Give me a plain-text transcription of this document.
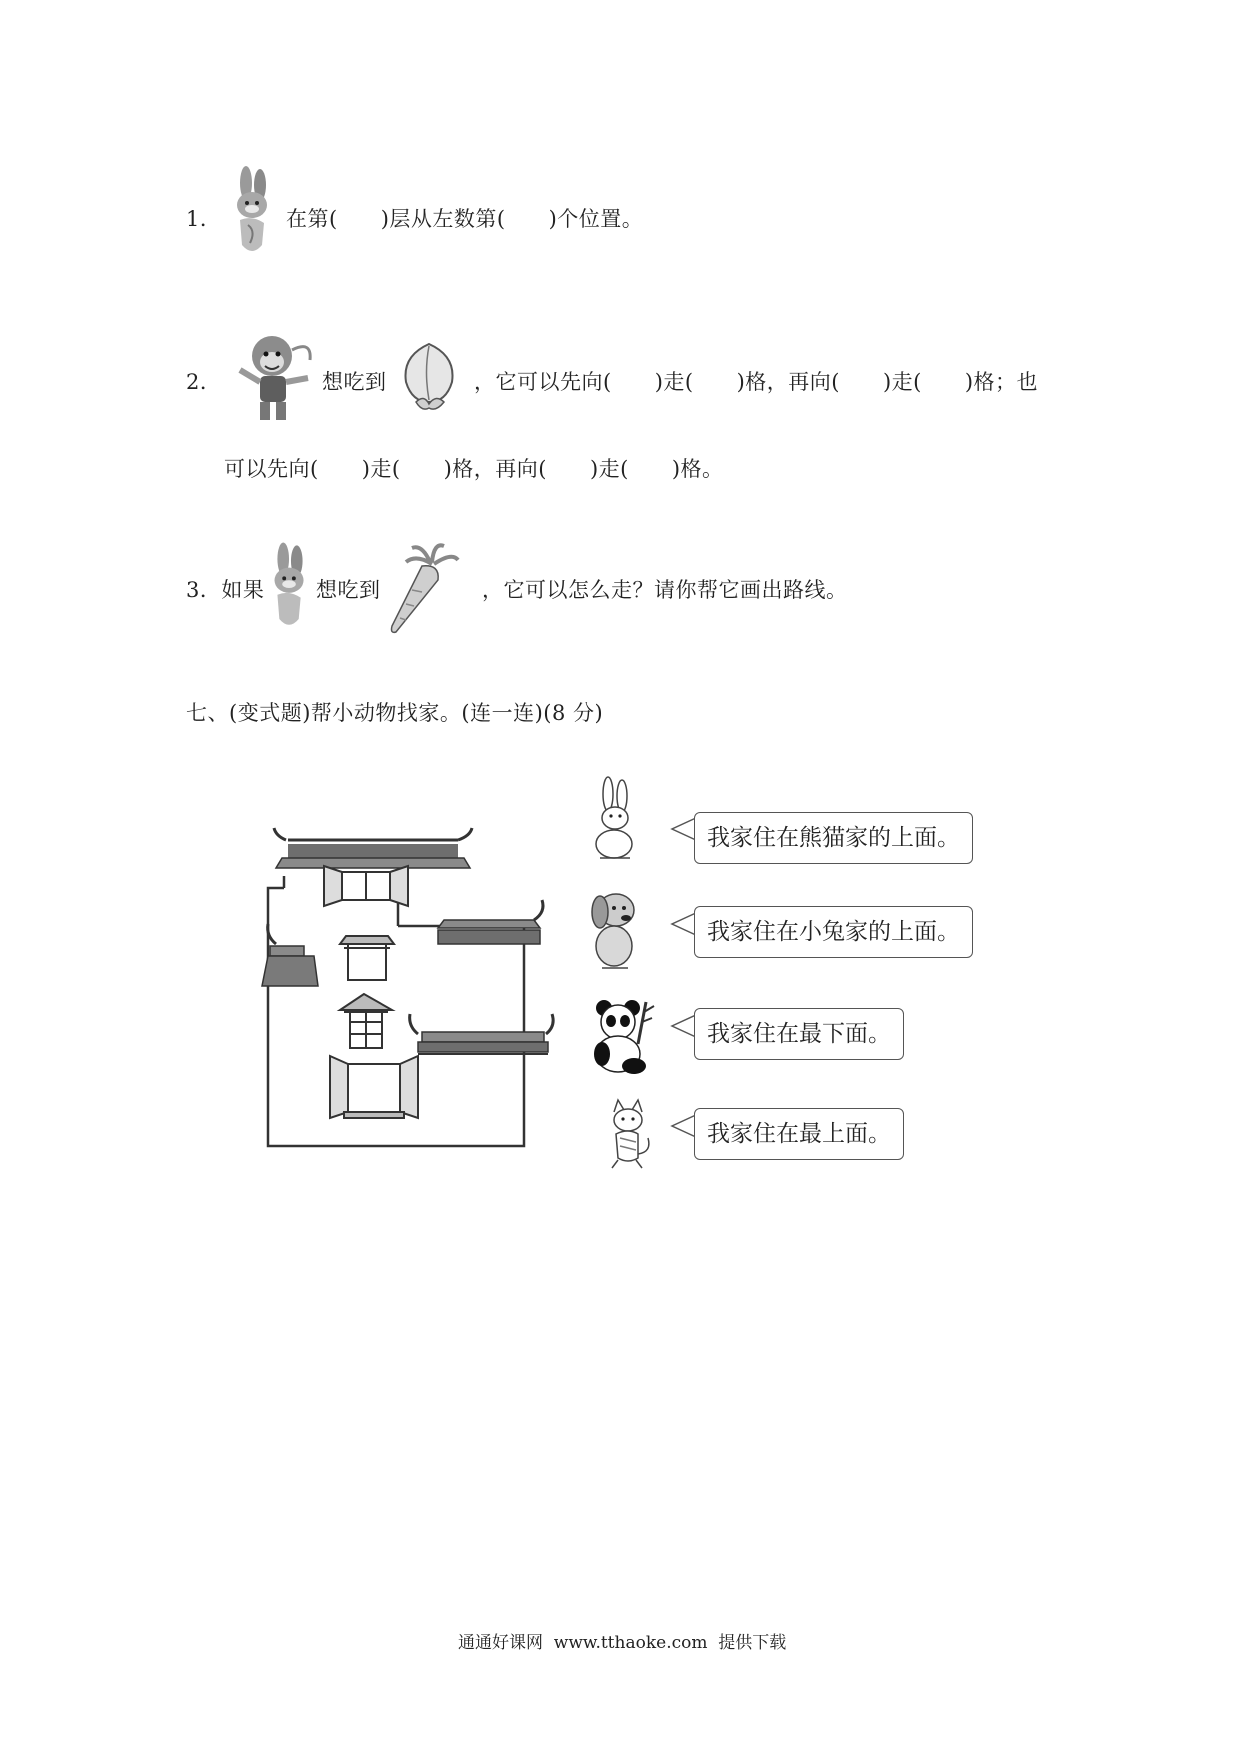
1．	在第(　　)层从左数第(　　)个位置。
2．	想吃到	，它可以先向(　　)走(　　)格，再向(　　)走(　　)格；也
可以先向(　　)走(　　)格，再向(　　)走(　　)格。
3．如果 想吃到	，它可以怎么走？请你帮它画出路线。
七、(变式题)帮小动物找家。(连一连)(8 分)
我家住在熊猫家的上面。
我家住在小兔家的上面。
我家住在最下面。
我家住在最上面。
通通好课网  www.tthaoke.com  提供下载
